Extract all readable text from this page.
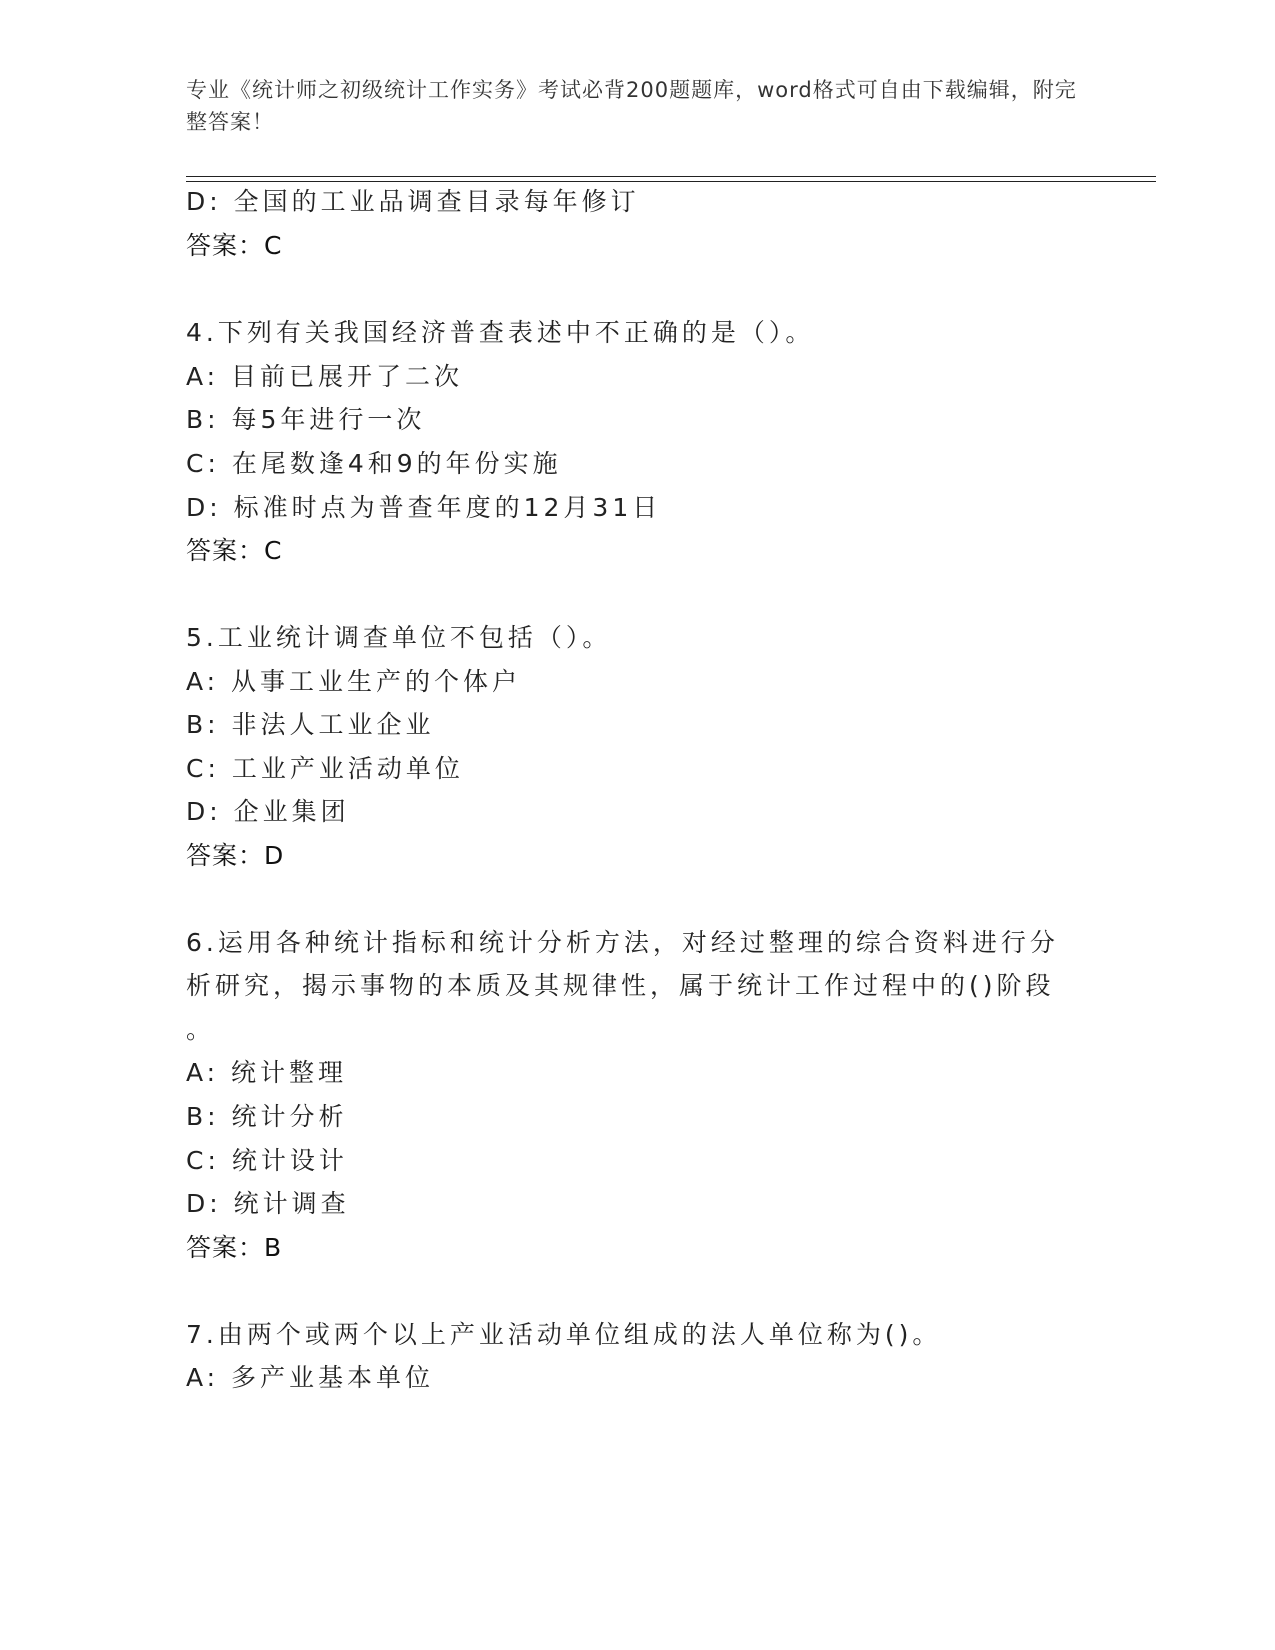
专业《统计师之初级统计工作实务》考试必背200题题库，word格式可自由下载编辑，附完整答案！
D: 全国的工业品调查目录每年修订
答案：C
4.下列有关我国经济普查表述中不正确的是（）。
A: 目前已展开了二次
B: 每5年进行一次
C: 在尾数逢4和9的年份实施
D: 标准时点为普查年度的12月31日
答案：C
5.工业统计调查单位不包括（）。
A: 从事工业生产的个体户
B: 非法人工业企业
C: 工业产业活动单位
D: 企业集团
答案：D
6.运用各种统计指标和统计分析方法，对经过整理的综合资料进行分
析研究，揭示事物的本质及其规律性，属于统计工作过程中的()阶段
。
A: 统计整理
B: 统计分析
C: 统计设计
D: 统计调查
答案：B
7.由两个或两个以上产业活动单位组成的法人单位称为()。
A: 多产业基本单位
